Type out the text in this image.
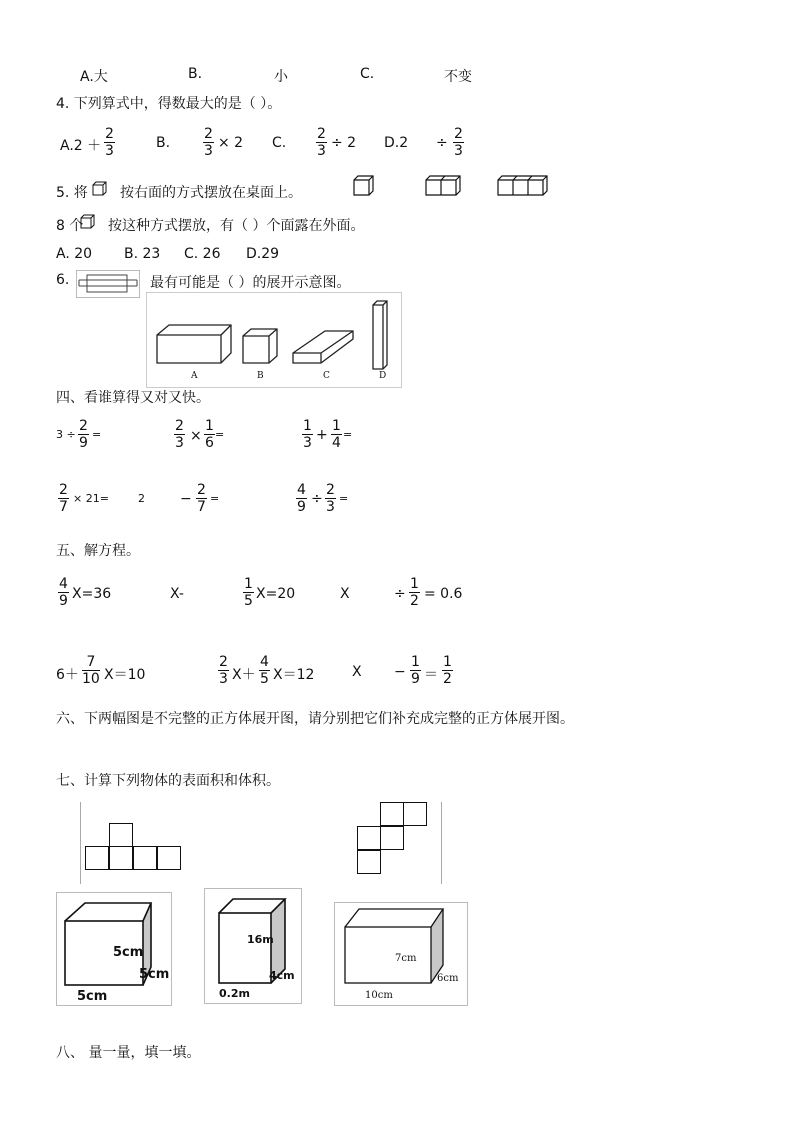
A.大	B.	小	C.	不变
4. 下列算式中，得数最大的是（ ）。
$A.2 + \frac{2}{3}$	B. $\frac{2}{3} \times 2$ C. $\frac{2}{3} \div 2$ $D.2 \div \frac{2}{3}$
5. 将 按右面的方式摆放在桌面上。
8 个 按这种方式摆放，有（ ）个面露在外面。
A. 20 B. 23 C. 26 D.29
6.	最有可能是（ ）的展开示意图。
A	B	C	D
四、看谁算得又对又快。
$3 \div \frac{2}{9}$ =	$\frac{2}{3} \times \frac{1}{6}$ =	$\frac{1}{3} + \frac{1}{4}$ =
$\frac{2}{7} \times 21=$	2	− $\frac{2}{7}$ =	$\frac{4}{9} \div \frac{2}{3}$ =
五、解方程。
$\frac{4}{9} X=36$	X-	$\frac{1}{5} X=20$	X	÷ $\frac{1}{2} = 0.6$
$6+ \frac{7}{10} X=10$	$\frac{2}{3} X+ \frac{4}{5} X=12$	$X - \frac{1}{9} = \frac{1}{2}$
六、下两幅图是不完整的正方体展开图，请分别把它们补充成完整的正方体展开图。
七、计算下列物体的表面积和体积。
5cm
5cm
5cm
16m
4cm
0.2m
7cm
6cm
10cm
八、 量一量，填一填。
